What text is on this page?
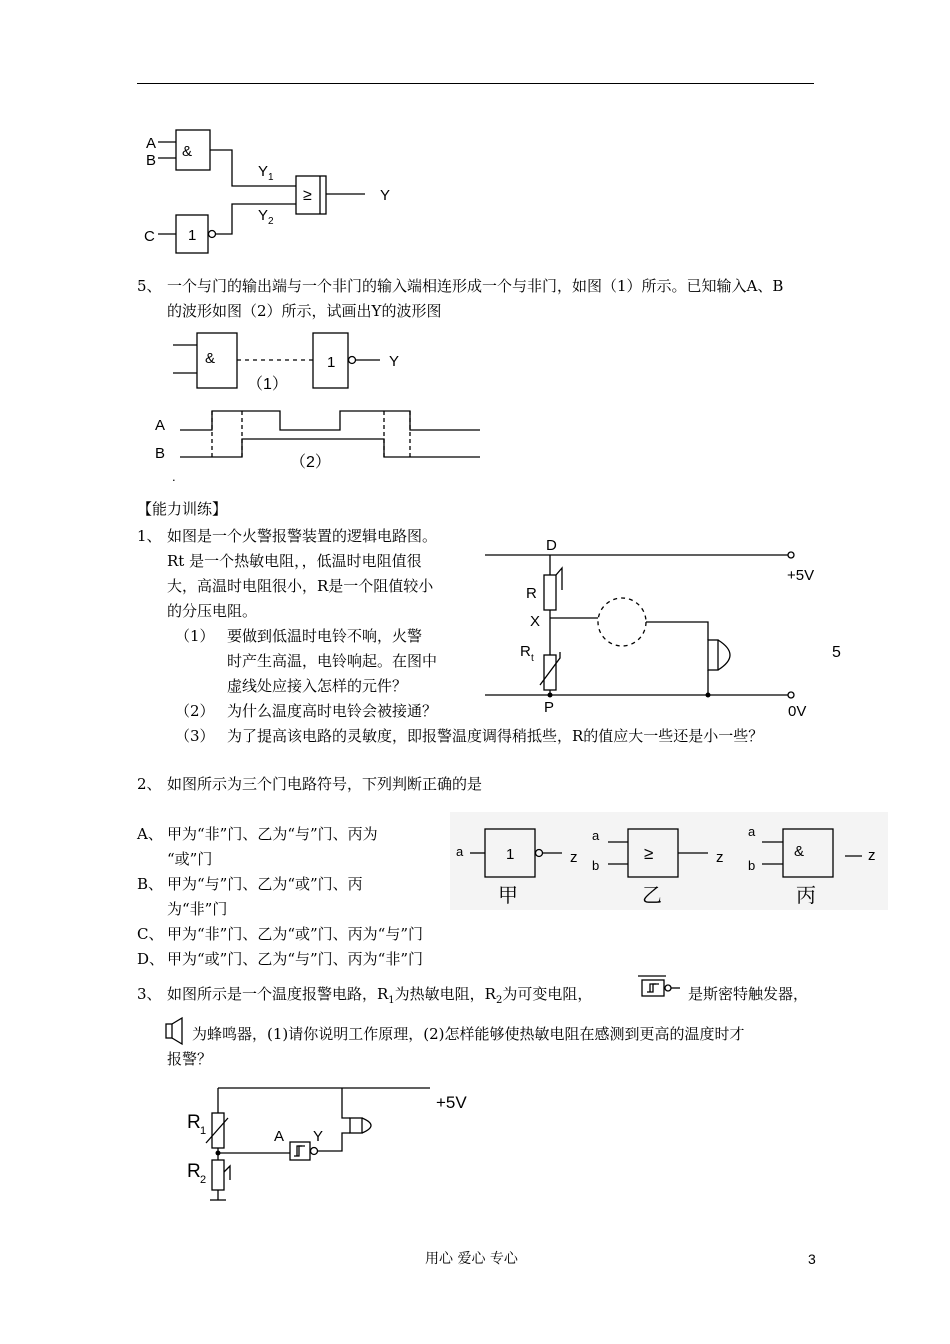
A
B
&
Y 1
≥	Y
Y 2
1
C
5、 一个与门的输出端与一个非门的输入端相连形成一个与非门，如图（1）所示。已知输入A、B
的波形如图（2）所示，试画出Y的波形图
&	1	Y
（1）
A
B
（2）
.
【能力训练】
1、 如图是一个火警报警装置的逻辑电路图。
Rt 是一个热敏电阻，，低温时电阻值很
大，高温时电阻很小，R是一个阻值较小
的分压电阻。
（1） 要做到低温时电铃不响，火警
时产生高温，电铃响起。在图中
虚线处应接入怎样的元件？
（2） 为什么温度高时电铃会被接通？
（3） 为了提高该电路的灵敏度，即报警温度调得稍抵些，R的值应大一些还是小一些？
D
R
X
R t
P
+5V
0V
5
2、 如图所示为三个门电路符号，下列判断正确的是
A、 甲为“非”门、乙为“与”门、丙为
“或”门
B、 甲为“与”门、乙为“或”门、丙
为“非”门
C、 甲为“非”门、乙为“或”门、丙为“与”门
D、 甲为“或”门、乙为“与”门、丙为“非”门
a	1	z
甲
a
b
≥	z
乙
a
b
&	z
丙
3、 如图所示是一个温度报警电路，$R_1$为热敏电阻，$R_2$为可变电阻，	是斯密特触发器，
为蜂鸣器，(1)请你说明工作原理，(2)怎样能够使热敏电阻在感测到更高的温度时才
报警？
R 1
R 2
A Y
+5V
用心 爱心 专心	3
